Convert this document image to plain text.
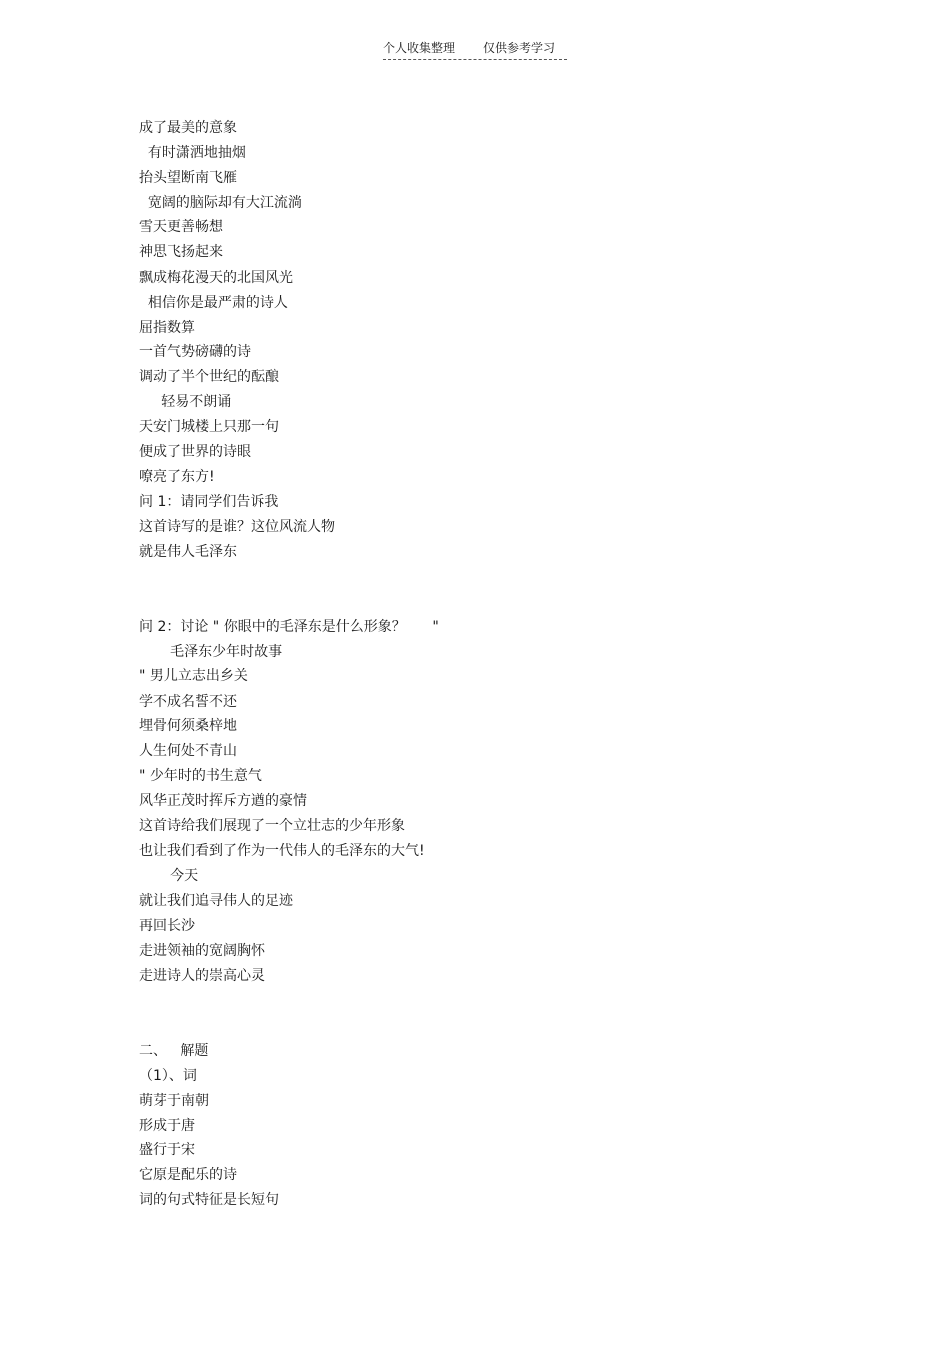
个人收集整理

仅供参考学习

成了最美的意象
有时潇洒地抽烟
抬头望断南飞雁
宽阔的脑际却有大江流淌
雪天更善畅想
神思飞扬起来
飘成梅花漫天的北国风光
相信你是最严肃的诗人
屈指数算
一首气势磅礴的诗
调动了半个世纪的酝酿
轻易不朗诵
天安门城楼上只那一句
便成了世界的诗眼
嘹亮了东方!
问 1：请同学们告诉我
这首诗写的是谁？这位风流人物
就是伟人毛泽东
问 2：讨论 " 你眼中的毛泽东是什么形象？      "
毛泽东少年时故事
" 男儿立志出乡关
学不成名誓不还
埋骨何须桑梓地
人生何处不青山
" 少年时的书生意气
风华正茂时挥斥方遒的豪情
这首诗给我们展现了一个立壮志的少年形象
也让我们看到了作为一代伟人的毛泽东的大气!
今天
就让我们追寻伟人的足迹
再回长沙
走进领袖的宽阔胸怀
走进诗人的崇高心灵
二、   解题
（1）、词
萌芽于南朝
形成于唐
盛行于宋
它原是配乐的诗
词的句式特征是长短句
